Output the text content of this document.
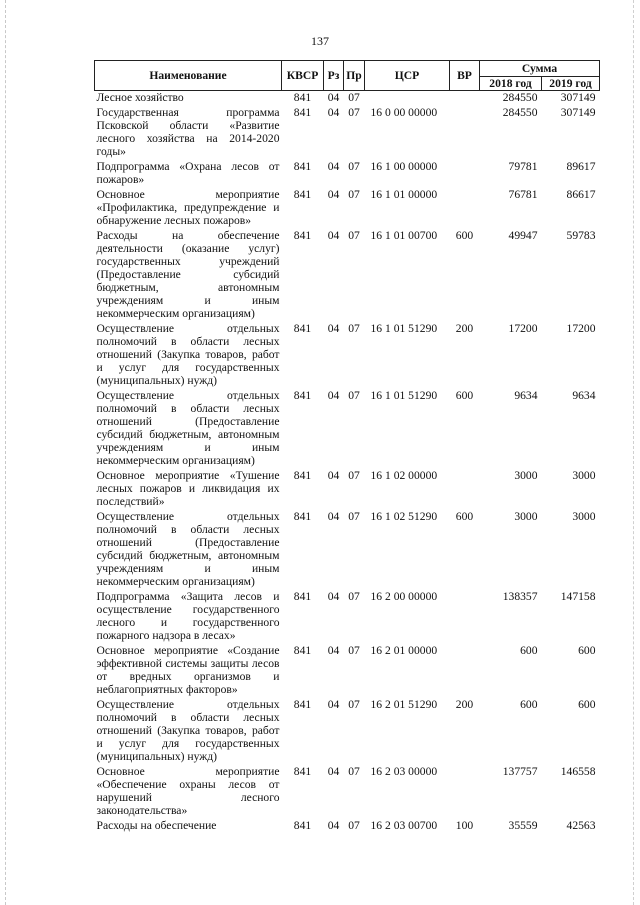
137
Наименование	КВСР	Рз	Пр	ЦСР	ВР	Сумма	
						2018 год	2019 год
Лесное хозяйство	841	04	07			284550	307149
Государственная программа Псковской области «Развитие лесного хозяйства на 2014-2020 годы»	841	04	07	16 0 00 00000		284550	307149
Подпрограмма «Охрана лесов от пожаров»	841	04	07	16 1 00 00000		79781	89617
Основное мероприятие «Профилактика, предупреждение и обнаружение лесных пожаров»	841	04	07	16 1 01 00000		76781	86617
Расходы на обеспечение деятельности (оказание услуг) государственных учреждений (Предоставление субсидий бюджетным, автономным учреждениям и иным некоммерческим организациям)	841	04	07	16 1 01 00700	600	49947	59783
Осуществление отдельных полномочий в области лесных отношений (Закупка товаров, работ и услуг для государственных (муниципальных) нужд)	841	04	07	16 1 01 51290	200	17200	17200
Осуществление отдельных полномочий в области лесных отношений (Предоставление субсидий бюджетным, автономным учреждениям и иным некоммерческим организациям)	841	04	07	16 1 01 51290	600	9634	9634
Основное мероприятие «Тушение лесных пожаров и ликвидация их последствий»	841	04	07	16 1 02 00000		3000	3000
Осуществление отдельных полномочий в области лесных отношений (Предоставление субсидий бюджетным, автономным учреждениям и иным некоммерческим организациям)	841	04	07	16 1 02 51290	600	3000	3000
Подпрограмма «Защита лесов и осуществление государственного лесного и государственного пожарного надзора в лесах»	841	04	07	16 2 00 00000		138357	147158
Основное мероприятие «Создание эффективной системы защиты лесов от вредных организмов и неблагоприятных факторов»	841	04	07	16 2 01 00000		600	600
Осуществление отдельных полномочий в области лесных отношений (Закупка товаров, работ и услуг для государственных (муниципальных) нужд)	841	04	07	16 2 01 51290	200	600	600
Основное мероприятие «Обеспечение охраны лесов от нарушений лесного законодательства»	841	04	07	16 2 03 00000		137757	146558
Расходы на обеспечение	841	04	07	16 2 03 00700	100	35559	42563
